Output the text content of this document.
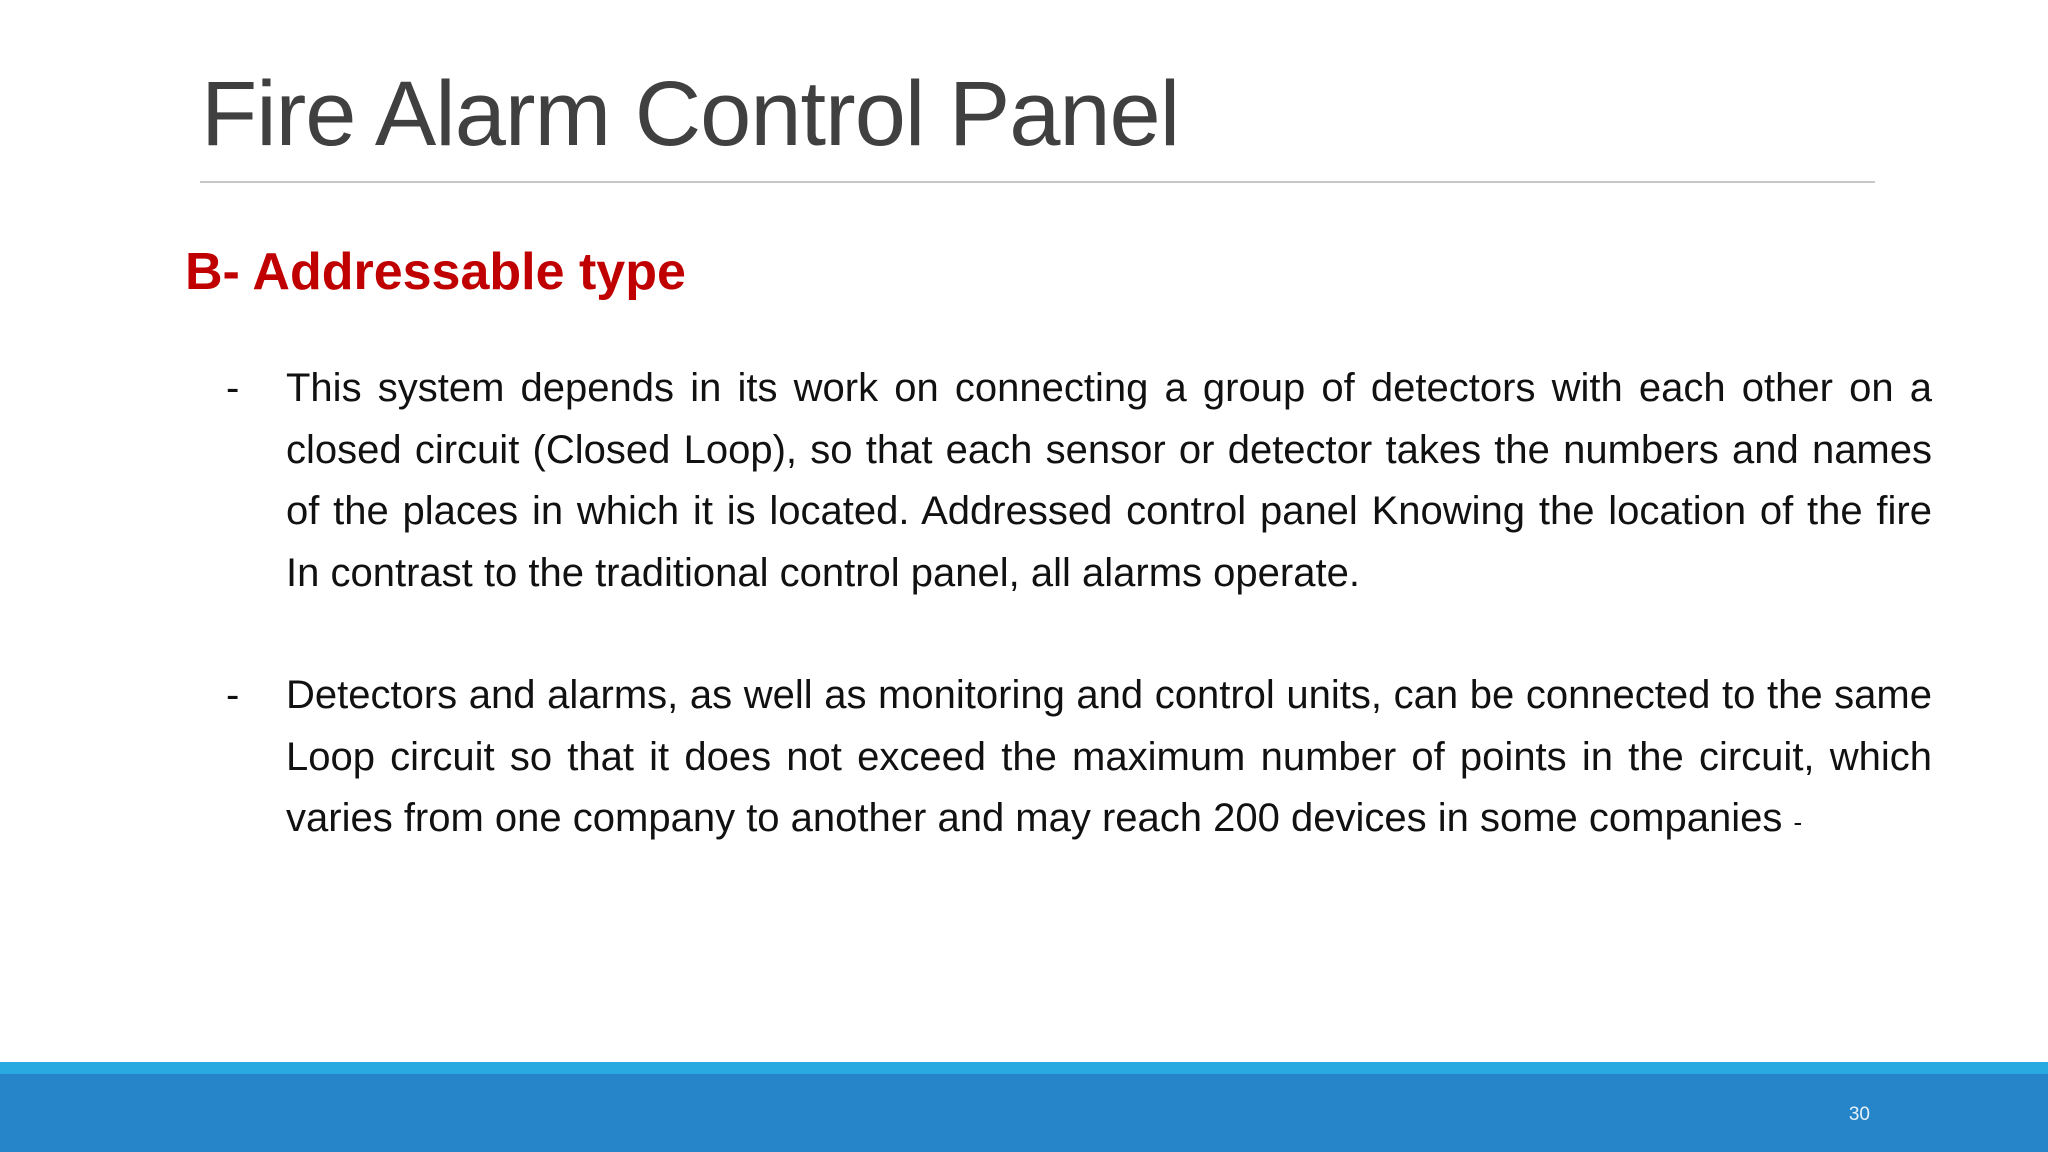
Fire Alarm Control Panel
B- Addressable type
- This system depends in its work on connecting a group of detectors with each other on a closed circuit (Closed Loop), so that each sensor or detector takes the numbers and names of the places in which it is located. Addressed control panel Knowing the location of the fire In contrast to the traditional control panel, all alarms operate.
- Detectors and alarms, as well as monitoring and control units, can be connected to the same Loop circuit so that it does not exceed the maximum number of points in the circuit, which varies from one company to another and may reach 200 devices in some companies -
30
